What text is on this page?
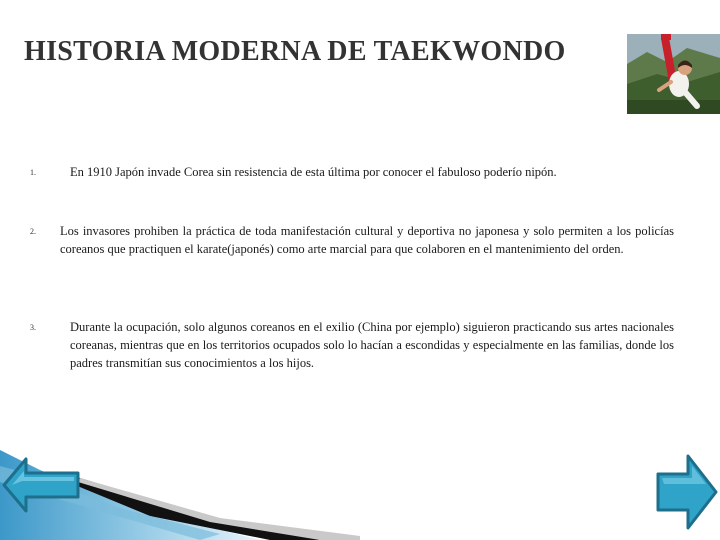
HISTORIA MODERNA DE TAEKWONDO
1.	En 1910 Japón invade Corea sin resistencia de esta última por conocer el fabuloso poderío nipón.
2. Los invasores prohiben la práctica de toda manifestación cultural y deportiva no japonesa y solo permiten a los policías coreanos que practiquen el karate(japonés) como arte marcial para que colaboren en el mantenimiento del orden.
3.	Durante la ocupación, solo algunos coreanos en el exilio (China por ejemplo) siguieron practicando sus artes nacionales coreanas, mientras que en los territorios ocupados solo lo hacían a escondidas y especialmente en las familias, donde los padres transmitían sus conocimientos a los hijos.
